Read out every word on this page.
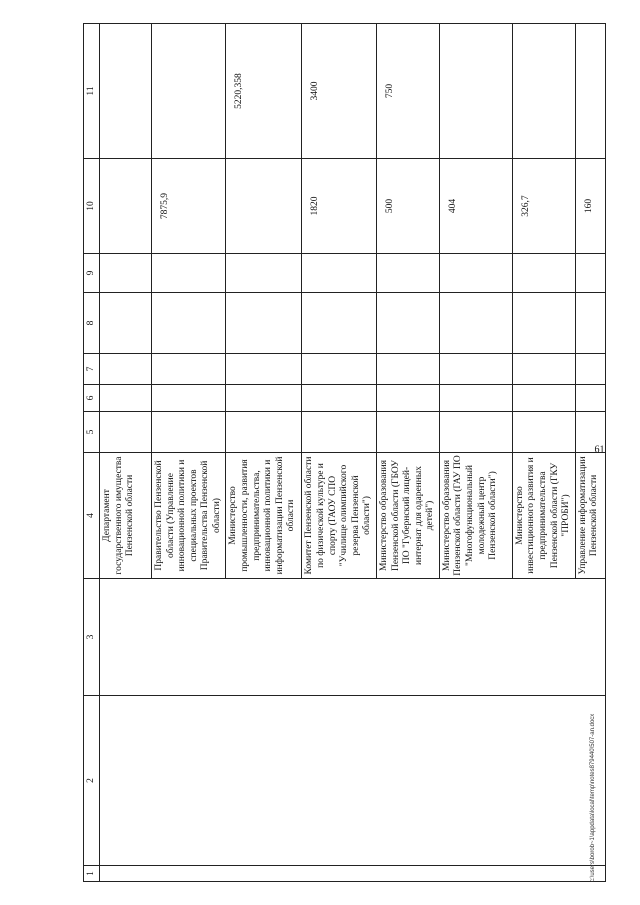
61
1	2	3	4	5	6	7	8	9	10	11
			Департамент государственного имущества Пензенской области							
			Правительство Пензенской области (Управление инновационной политики и специальных проектов Правительства Пензенской области)						7875,9	
			Министерство промышленности, развития предпринимательства, инновационной политики и информатизации Пензенской области							5220,358
			Комитет Пензенской области по физической культуре и спорту (ГАОУ СПО "Училище олимпийского резерва Пензенской области")						1820	3400
			Министерство образования Пензенской области (ГБОУ ПО "Губернский лицей-интернат для одаренных детей")						500	750
			Министерство образования Пензенской области (ГАУ ПО "Многофункциональный молодежный центр Пензенской области")						404	
			Министерство инвестиционного развития и предпринимательства Пензенской области (ГКУ "ПРОБИ")						326,7	
			Управление информатизации Пензенской области						160	
c:\users\borob~1\appdata\local\temp\notes879440\507-an.docx
